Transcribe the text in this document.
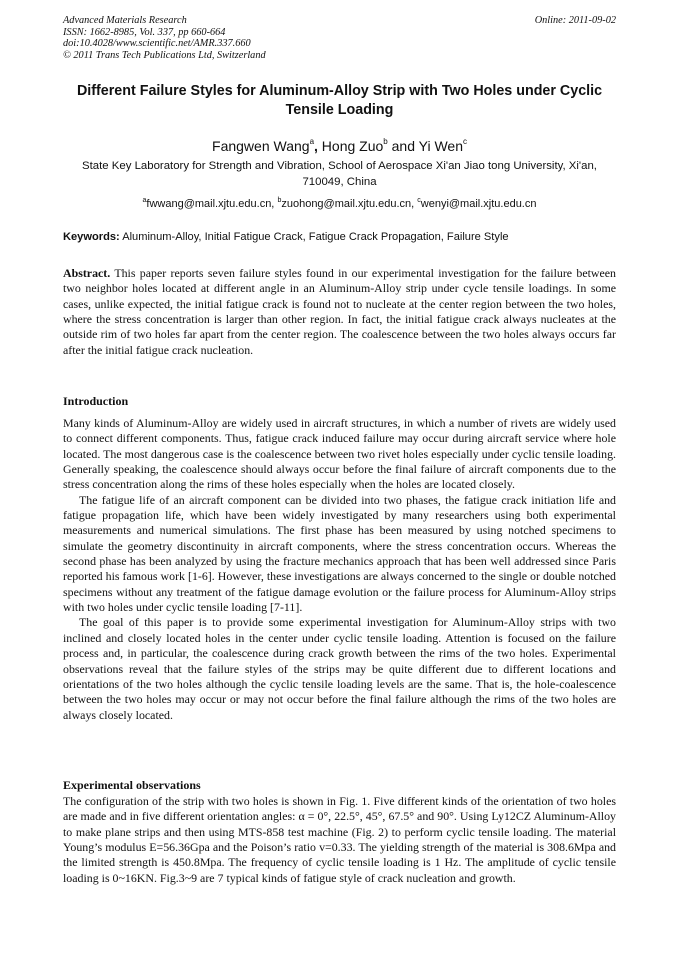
Advanced Materials Research
ISSN: 1662-8985, Vol. 337, pp 660-664
doi:10.4028/www.scientific.net/AMR.337.660
© 2011 Trans Tech Publications Ltd, Switzerland
Online: 2011-09-02
Different Failure Styles for Aluminum-Alloy Strip with Two Holes under Cyclic Tensile Loading
Fangwen Wang$^a$, Hong Zuo$^b$ and Yi Wen$^c$
State Key Laboratory for Strength and Vibration, School of Aerospace Xi'an Jiao tong University, Xi'an, 710049, China
$^a$fwwang@mail.xjtu.edu.cn, $^b$zuohong@mail.xjtu.edu.cn, $^c$wenyi@mail.xjtu.edu.cn
Keywords: Aluminum-Alloy, Initial Fatigue Crack, Fatigue Crack Propagation, Failure Style

Abstract. This paper reports seven failure styles found in our experimental investigation for the failure between two neighbor holes located at different angle in an Aluminum-Alloy strip under cycle tensile loadings. In some cases, unlike expected, the initial fatigue crack is found not to nucleate at the center region between the two holes, where the stress concentration is larger than other region. In fact, the initial fatigue crack always nucleates at the outside rim of two holes far apart from the center region. The coalescence between the two holes always occurs far after the initial fatigue crack nucleation.

Introduction

Many kinds of Aluminum-Alloy are widely used in aircraft structures, in which a number of rivets are widely used to connect different components. Thus, fatigue crack induced failure may occur during aircraft service where hole located. The most dangerous case is the coalescence between two rivet holes especially under cyclic tensile loading. Generally speaking, the coalescence should always occur before the final failure of aircraft components due to the stress concentration along the rims of these holes especially when the holes are located closely.

The fatigue life of an aircraft component can be divided into two phases, the fatigue crack initiation life and fatigue propagation life, which have been widely investigated by many researchers using both experimental measurements and numerical simulations. The first phase has been measured by using notched specimens to simulate the geometry discontinuity in aircraft components, where the stress concentration occurs. Whereas the second phase has been analyzed by using the fracture mechanics approach that has been well addressed since Paris reported his famous work [1-6]. However, these investigations are always concerned to the single or double notched specimens without any treatment of the fatigue damage evolution or the failure process for Aluminum-Alloy strips with two holes under cyclic tensile loading [7-11].

The goal of this paper is to provide some experimental investigation for Aluminum-Alloy strips with two inclined and closely located holes in the center under cyclic tensile loading. Attention is focused on the failure process and, in particular, the coalescence during crack growth between the rims of the two holes. Experimental observations reveal that the failure styles of the strips may be quite different due to different locations and orientations of the two holes although the cyclic tensile loading levels are the same. That is, the hole-coalescence between the two holes may occur or may not occur before the final failure although the rims of the two holes are always closely located.

Experimental observations

The configuration of the strip with two holes is shown in Fig. 1. Five different kinds of the orientation of two holes are made and in five different orientation angles: α = 0°, 22.5°, 45°, 67.5° and 90°. Using Ly12CZ Aluminum-Alloy to make plane strips and then using MTS-858 test machine (Fig. 2) to perform cyclic tensile loading. The material Young’s modulus E=56.36Gpa and the Poison’s ratio v=0.33. The yielding strength of the material is 308.6Mpa and the limited strength is 450.8Mpa. The frequency of cyclic tensile loading is 1 Hz. The amplitude of cyclic tensile loading is 0~16KN. Fig.3~9 are 7 typical kinds of fatigue style of crack nucleation and growth.
